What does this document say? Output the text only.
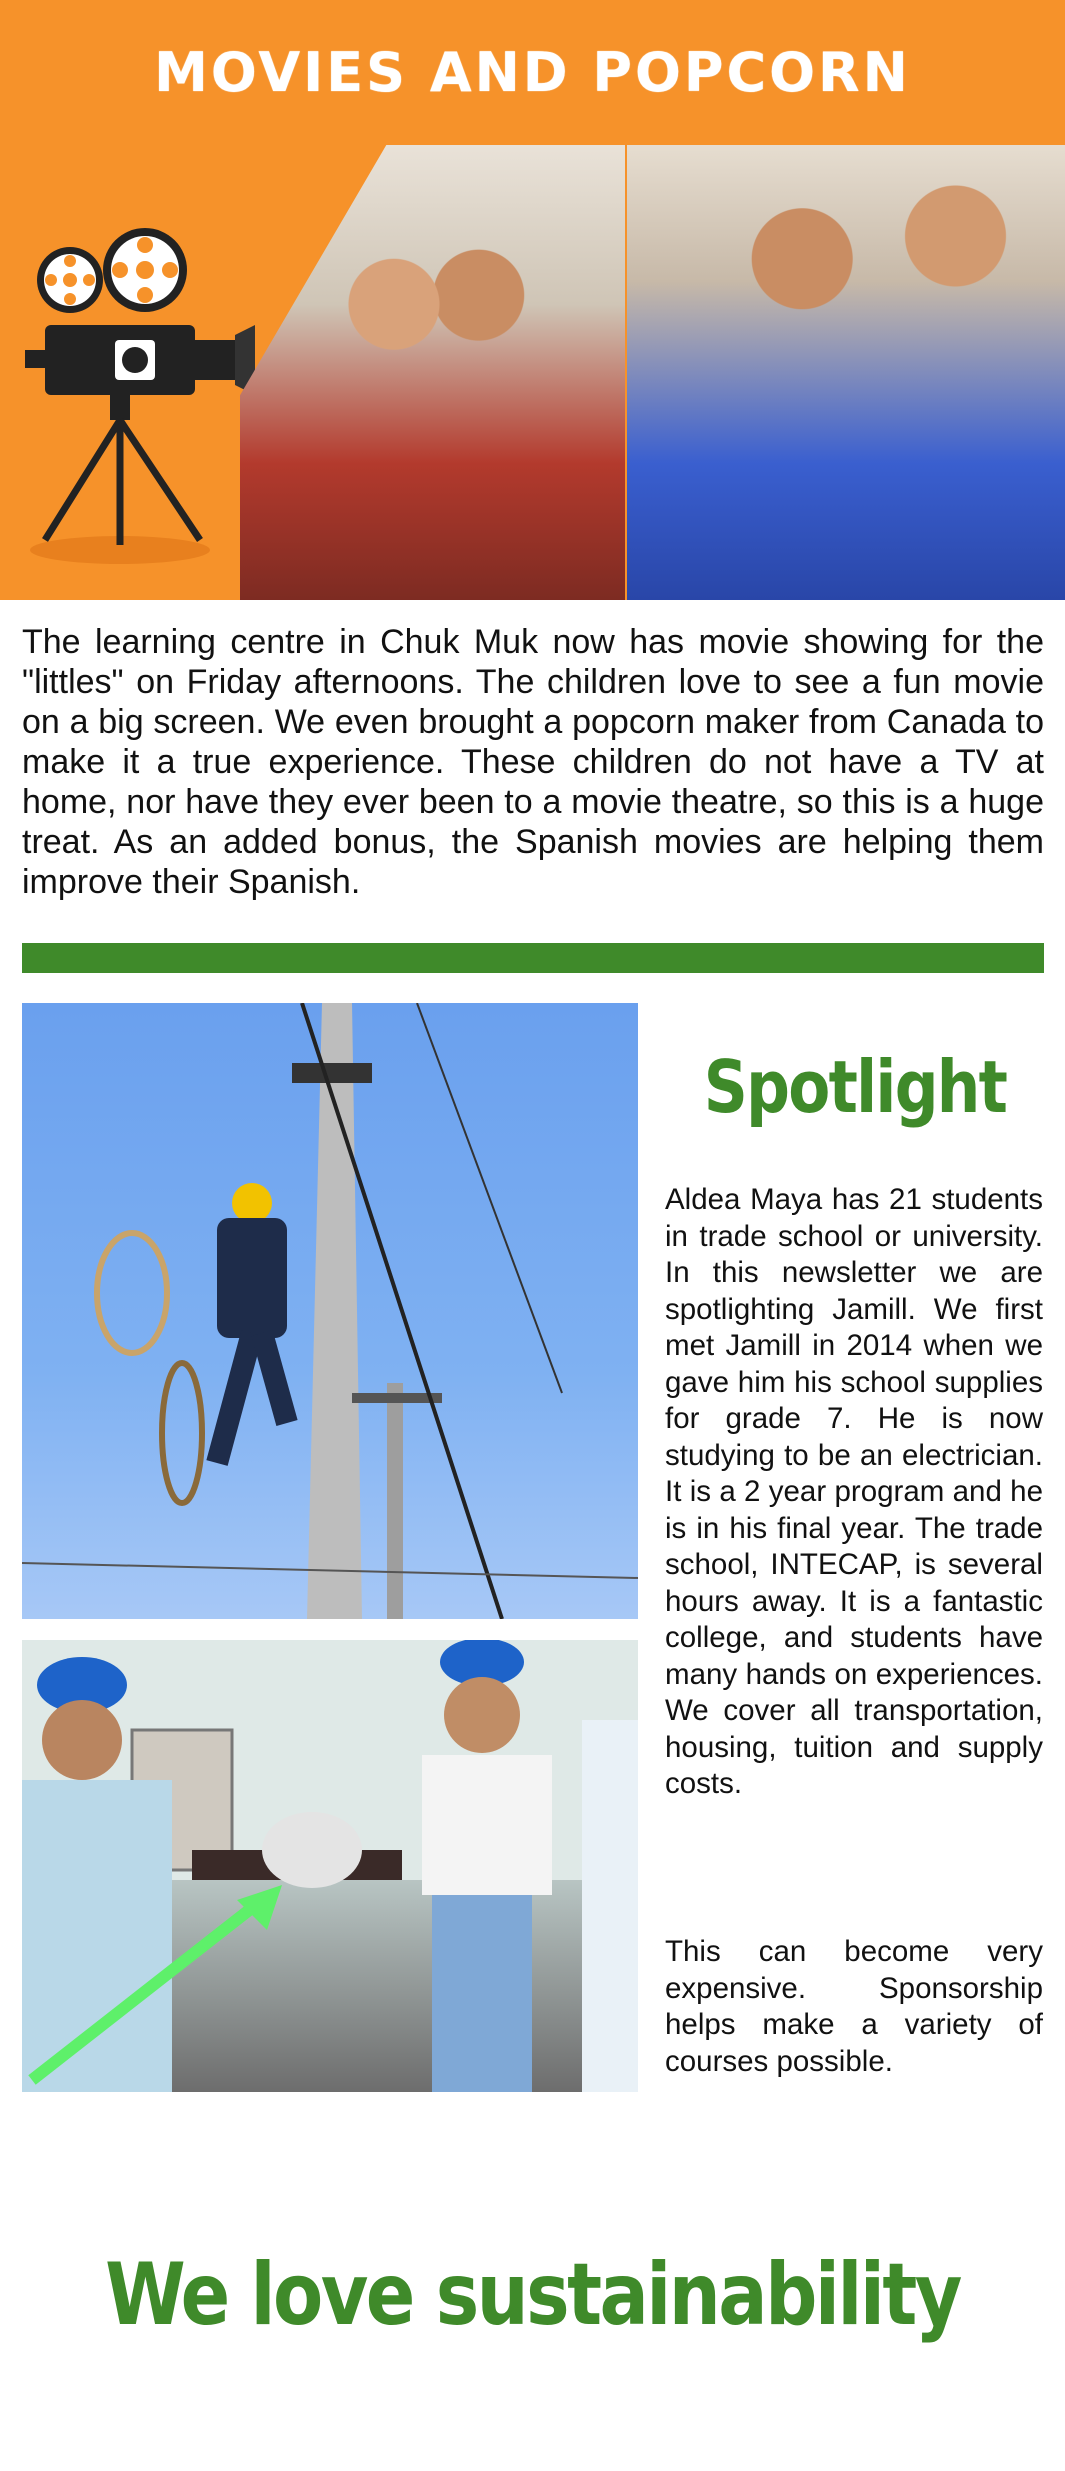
MOVIES AND POPCORN

The learning centre in Chuk Muk now has movie showing for the "littles" on Friday afternoons. The children love to see a fun movie on a big screen. We even brought a popcorn maker from Canada to make it a true experience. These children do not have a TV at home, nor have they ever been to a movie theatre, so this is a huge treat. As an added bonus, the Spanish movies are helping them improve their Spanish.

Spotlight

Aldea Maya has 21 students in trade school or university. In this newsletter we are spotlighting Jamill. We first met Jamill in 2014 when we gave him his school supplies for grade 7. He is now studying to be an electrician. It is a 2 year program and he is in his final year. The trade school, INTECAP, is several hours away. It is a fantastic college, and students have many hands on experiences. We cover all transportation, housing, tuition and supply costs.

This can become very expensive. Sponsorship helps make a variety of courses possible.

We love sustainability
